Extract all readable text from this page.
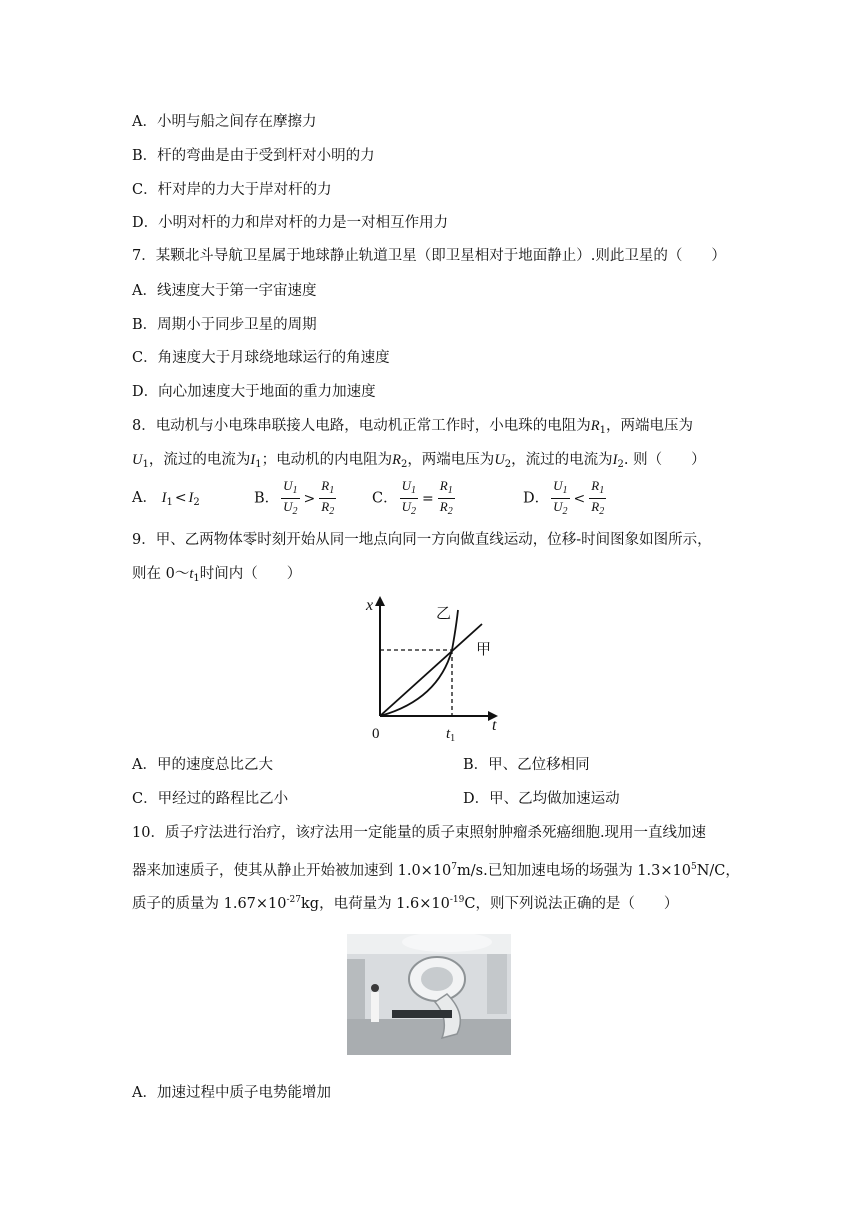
A．小明与船之间存在摩擦力
B．杆的弯曲是由于受到杆对小明的力
C．杆对岸的力大于岸对杆的力
D．小明对杆的力和岸对杆的力是一对相互作用力
7．某颗北斗导航卫星属于地球静止轨道卫星（即卫星相对于地面静止）.则此卫星的（　　）
A．线速度大于第一宇宙速度
B．周期小于同步卫星的周期
C．角速度大于月球绕地球运行的角速度
D．向心加速度大于地面的重力加速度
8．电动机与小电珠串联接人电路，电动机正常工作时，小电珠的电阻为$R_1$，两端电压为
$U_1$，流过的电流为$I_1$；电动机的内电阻为$R_2$，两端电压为$U_2$，流过的电流为$I_2$. 则（　　）
A． $I_1 < I_2$	B． $\frac{U_1}{U_2} > \frac{R_1}{R_2}$ C． $\frac{U_1}{U_2} = \frac{R_1}{R_2}$	D． $\frac{U_1}{U_2} < \frac{R_1}{R_2}$
9．甲、乙两物体零时刻开始从同一地点向同一方向做直线运动，位移-时间图象如图所示，
则在 $0\sim t_1$时间内（　　）
x
t
0	$t_1$
乙
甲
A．甲的速度总比乙大	B．甲、乙位移相同
C．甲经过的路程比乙小	D．甲、乙均做加速运动
10．质子疗法进行治疗，该疗法用一定能量的质子束照射肿瘤杀死癌细胞.现用一直线加速
器来加速质子，使其从静止开始被加速到 $1.0\times 10^7m/s$.已知加速电场的场强为 $1.3\times 10^5N/C$，
质子的质量为 $1.67\times 10^{-27}kg$，电荷量为 $1.6\times 10^{-19}C$，则下列说法正确的是（　　）
A．加速过程中质子电势能增加
